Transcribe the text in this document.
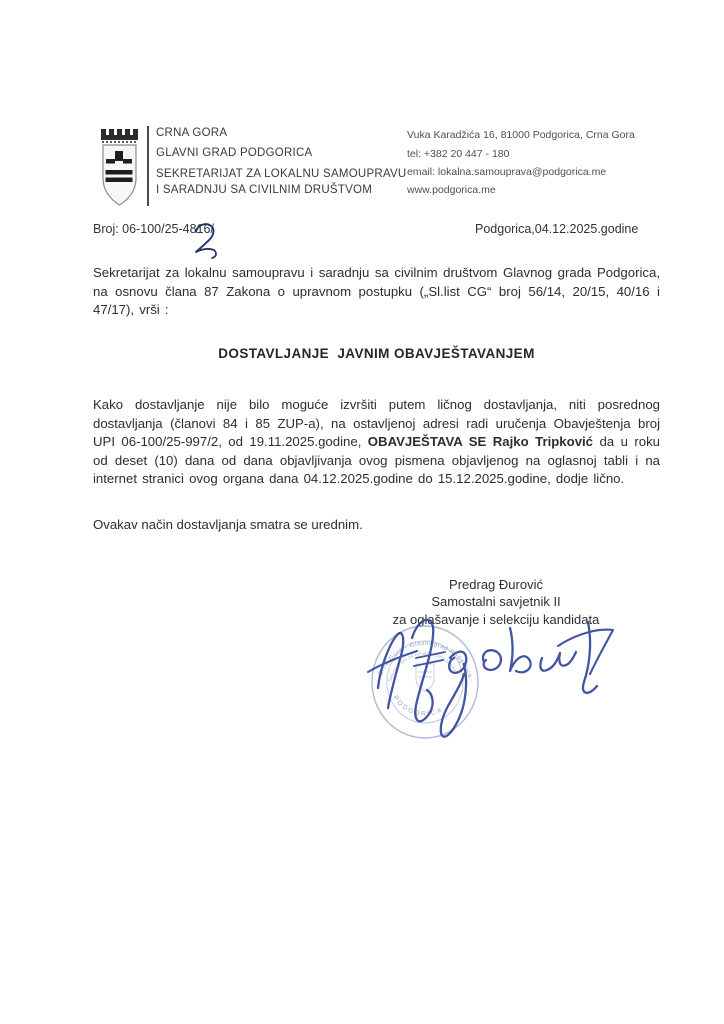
CRNA GORA
GLAVNI GRAD PODGORICA
SEKRETARIJAT ZA LOKALNU SAMOUPRAVU
I SARADNJU SA CIVILNIM DRUŠTVOM
Vuka Karadžića 16, 81000 Podgorica, Crna Gora
tel: +382 20 447 - 180
email: lokalna.samouprava@podgorica.me
www.podgorica.me
Broj: 06-100/25-4816/	Podgorica,04.12.2025.godine
Sekretarijat za lokalnu samoupravu i saradnju sa civilnim društvom Glavnog grada Podgorica, na osnovu člana 87 Zakona o upravnom postupku („Sl.list CG“ broj 56/14, 20/15, 40/16 i 47/17), vrši :
DOSTAVLJANJE  JAVNIM OBAVJEŠTAVANJEM
Kako dostavljanje nije bilo moguće izvršiti putem ličnog dostavljanja, niti posrednog dostavljanja (članovi 84 i 85 ZUP-a), na ostavljenoj adresi radi uručenja Obavještenja broj UPI 06-100/25-997/2, od 19.11.2025.godine, OBAVJEŠTAVA SE Rajko Tripković da u roku od deset (10) dana od dana objavljivanja ovog pismena objavljenog na oglasnoj tabli i na internet stranici ovog organa dana 04.12.2025.godine do 15.12.2025.godine, dodje lično.
Ovakav način dostavljanja smatra se urednim.
Predrag Đurović
Samostalni savjetnik II
za oglašavanje i selekciju kandidata
· Crna Gora · Glavni grad Podgorica ·
Sekretarijat za lokalnu samoupravu
PODGORICA
